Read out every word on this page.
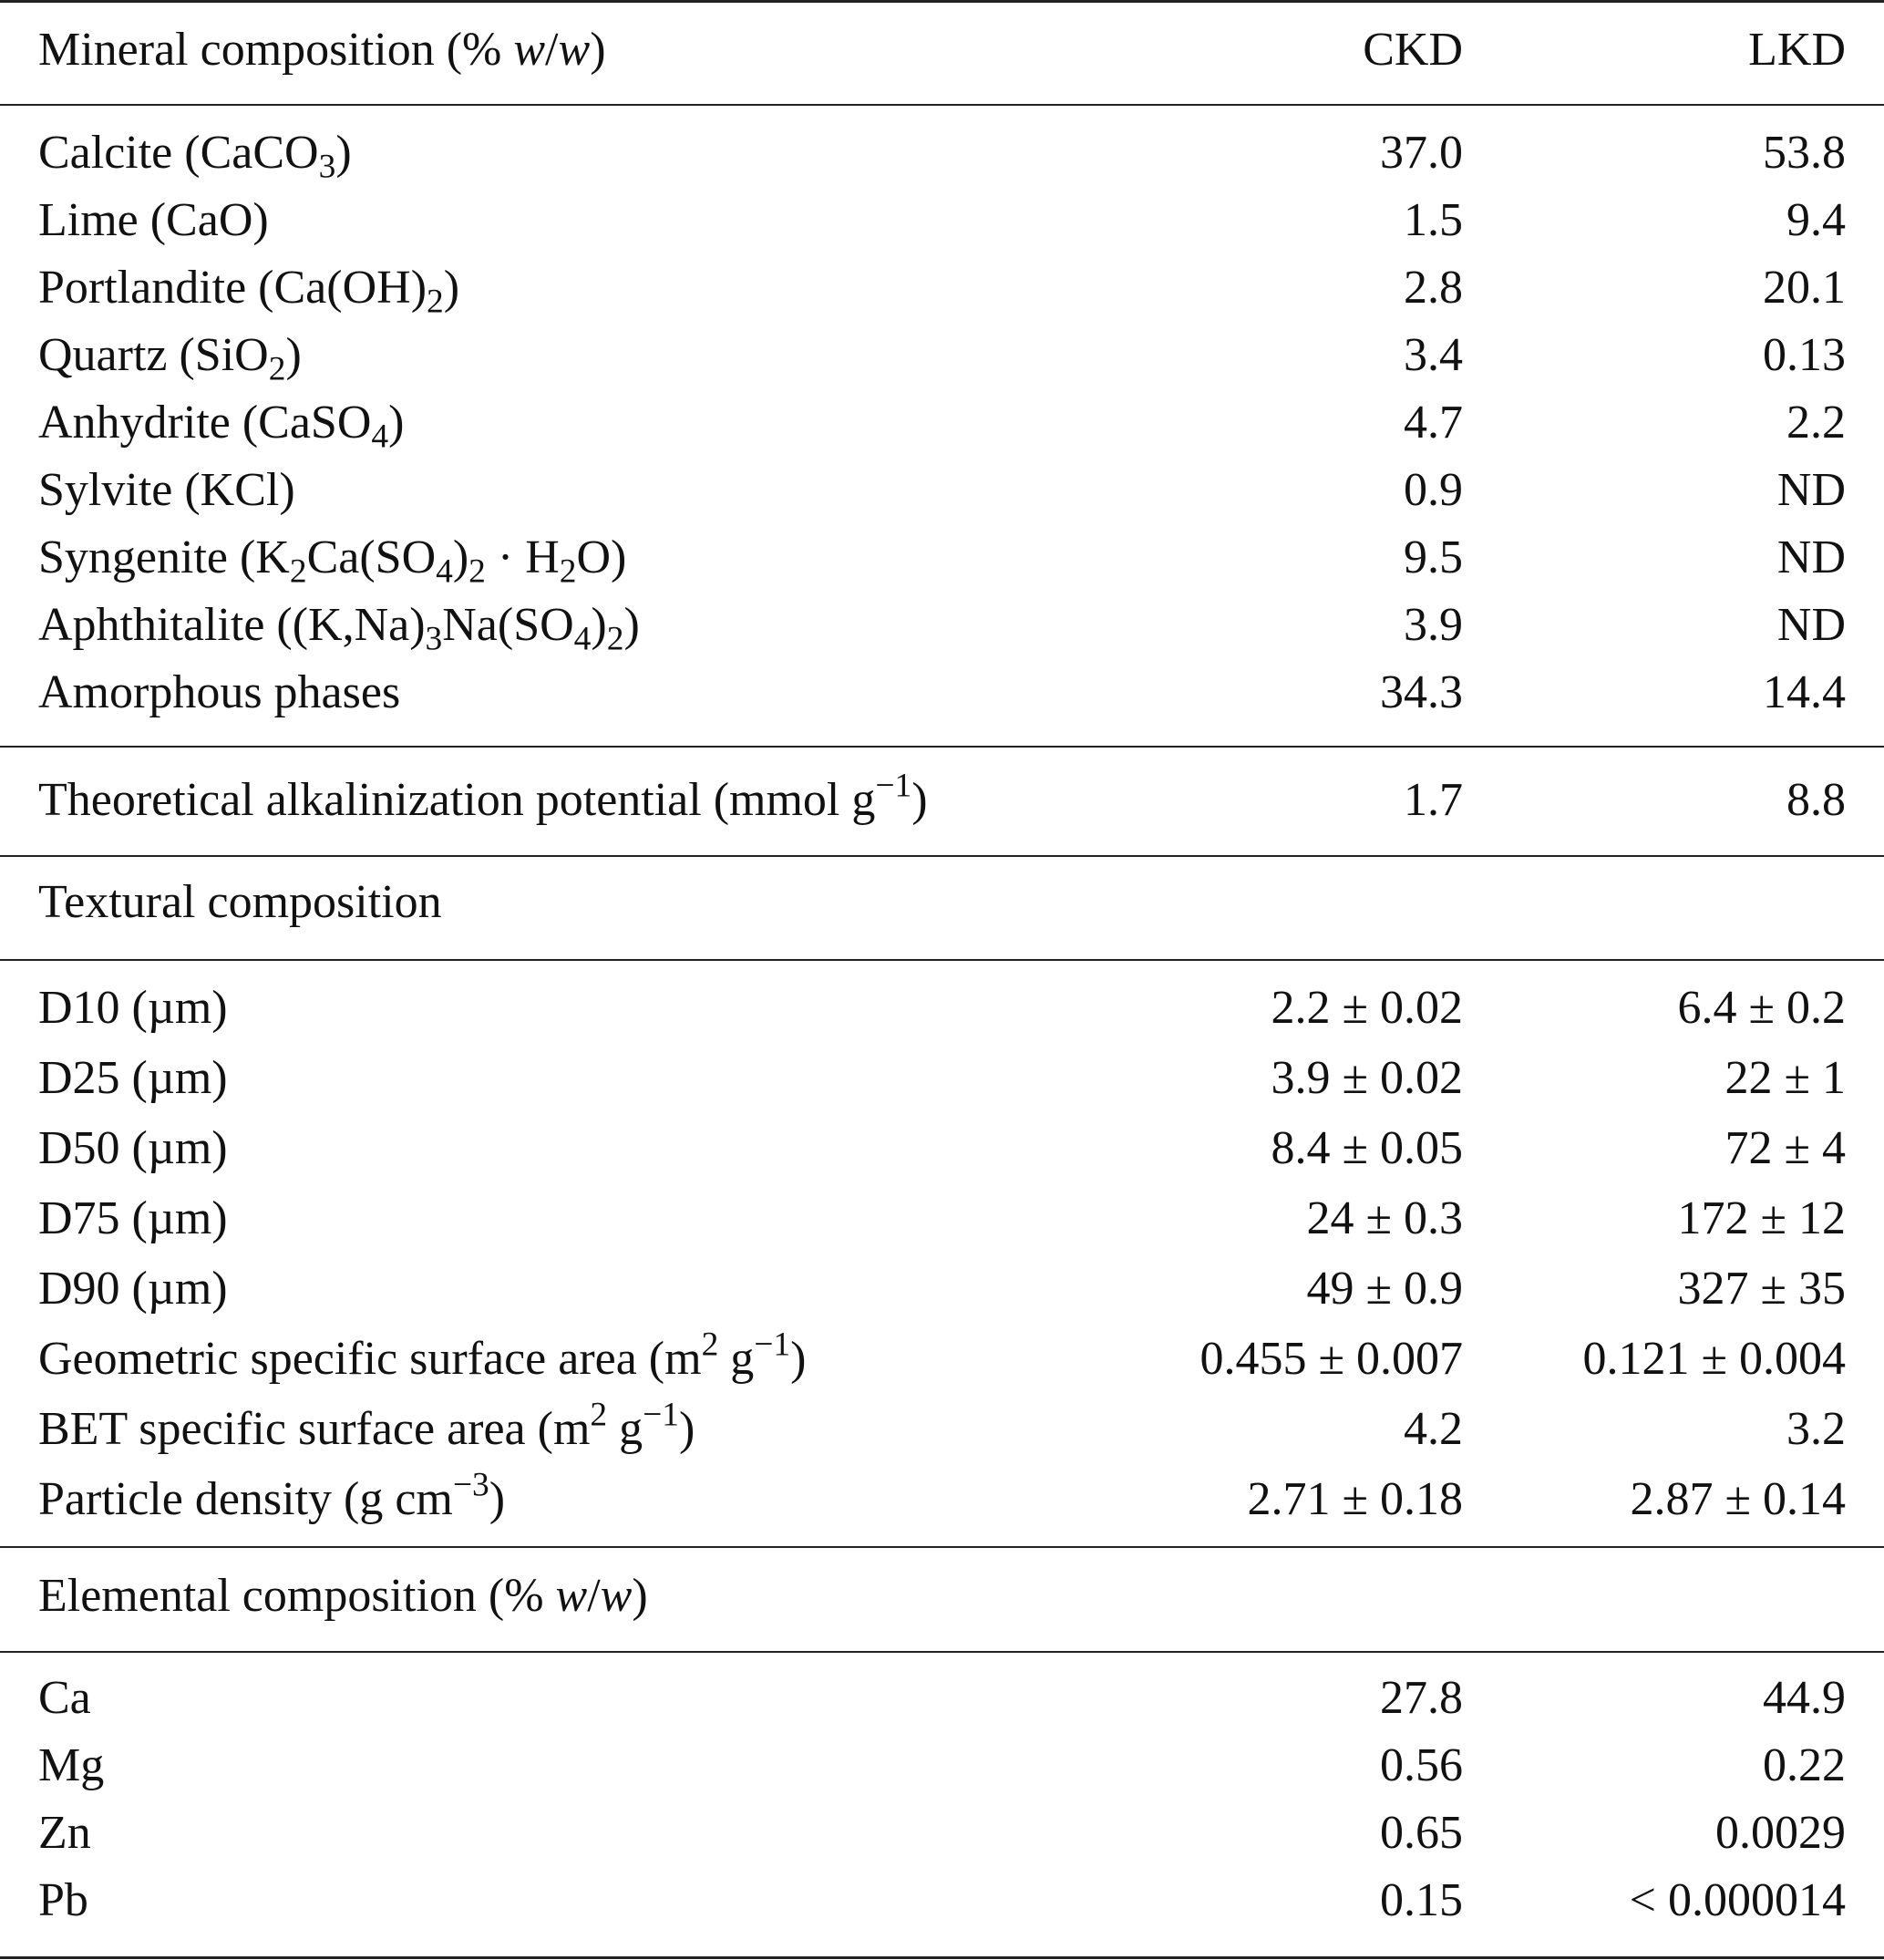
Mineral composition (% w/w)	CKD	LKD
Calcite (CaCO$_3$)	37.0	53.8
Lime (CaO)	1.5	9.4
Portlandite $(Ca(OH)_2)$	2.8	20.1
Quartz (SiO$_2$)	3.4	0.13
Anhydrite (CaSO$_4$)	4.7	2.2
Sylvite (KCl)	0.9	ND
Syngenite $(K_2Ca(SO_4)_2 \cdot H_2O)$	9.5	ND
Aphthitalite $((K,Na)_3Na(SO_4)_2)$	3.9	ND
Amorphous phases	34.3	14.4
Theoretical alkalinization potential (mmol $g^{-1}$)	1.7	8.8
Textural composition
D10 (µm)	2.2 ± 0.02	6.4 ± 0.2
D25 (µm)	3.9 ± 0.02	22 ± 1
D50 (µm)	8.4 ± 0.05	72 ± 4
D75 (µm)	24 ± 0.3	172 ± 12
D90 (µm)	49 ± 0.9	327 ± 35
Geometric specific surface area ($m^2$ $g^{-1}$)	0.455 ± 0.007	0.121 ± 0.004
BET specific surface area ($m^2$ $g^{-1}$)	4.2	3.2
Particle density (g $cm^{-3}$)	2.71 ± 0.18	2.87 ± 0.14
Elemental composition (% w/w)
Ca	27.8	44.9
Mg	0.56	0.22
Zn	0.65	0.0029
Pb	0.15	< 0.000014
